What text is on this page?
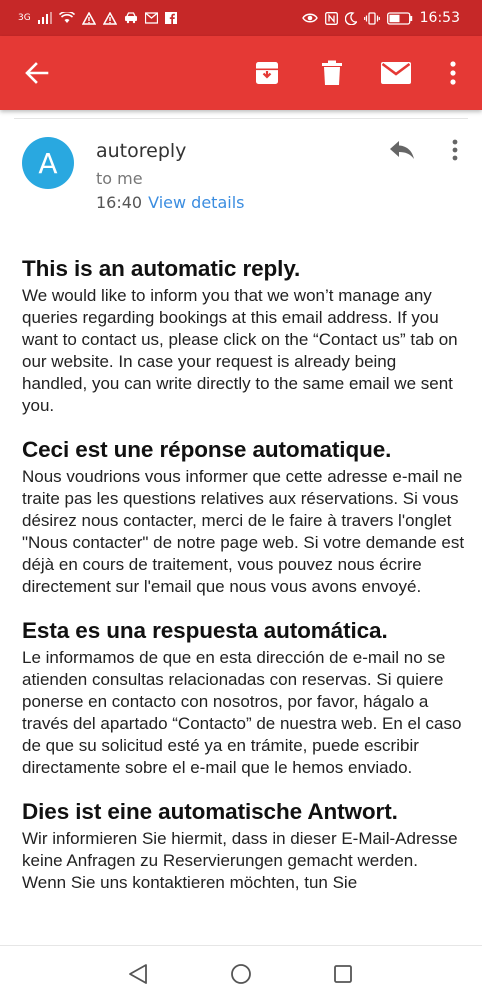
3G	16:53
A autoreply
to me
16:40 View details
This is an automatic reply.

We would like to inform you that we won’t manage any queries regarding bookings at this email address. If you want to contact us, please click on the “Contact us” tab on our website. In case your request is already being handled, you can write directly to the same email we sent you.

Ceci est une réponse automatique.

Nous voudrions vous informer que cette adresse e-mail ne traite pas les questions relatives aux réservations. Si vous désirez nous contacter, merci de le faire à travers l'onglet "Nous contacter" de notre page web. Si votre demande est déjà en cours de traitement, vous pouvez nous écrire directement sur l'email que nous vous avons envoyé.

Esta es una respuesta automática.

Le informamos de que en esta dirección de e-mail no se atienden consultas relacionadas con reservas. Si quiere ponerse en contacto con nosotros, por favor, hágalo a través del apartado “Contacto” de nuestra web. En el caso de que su solicitud esté ya en trámite, puede escribir directamente sobre el e-mail que le hemos enviado.

Dies ist eine automatische Antwort.

Wir informieren Sie hiermit, dass in dieser E-Mail-Adresse keine Anfragen zu Reservierungen gemacht werden. Wenn Sie uns kontaktieren möchten, tun Sie
